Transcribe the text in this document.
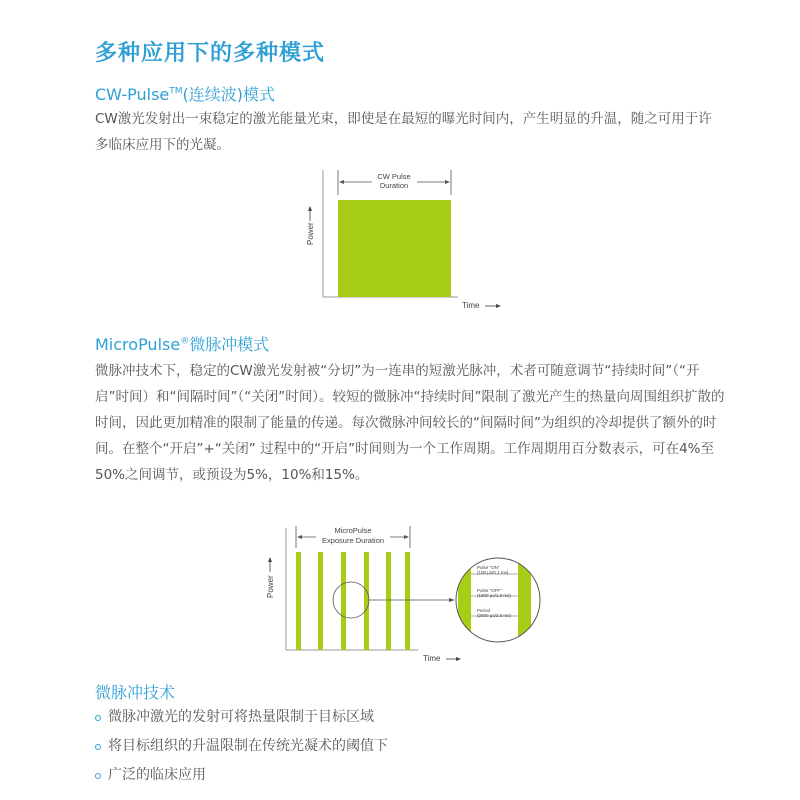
多种应用下的多种模式
CW-Pulse™(连续波)模式

CW激光发射出一束稳定的激光能量光束，即使是在最短的曝光时间内，产生明显的升温，随之可用于许多临床应用下的光凝。

CW Pulse
Duration
Power
Time
MicroPulse®微脉冲模式

微脉冲技术下，稳定的CW激光发射被“分切”为一连串的短激光脉冲，术者可随意调节“持续时间”（“开启”时间）和“间隔时间”（“关闭”时间）。较短的微脉冲“持续时间”限制了激光产生的热量向周围组织扩散的时间，因此更加精准的限制了能量的传递。每次微脉冲间较长的“间隔时间”为组织的冷却提供了额外的时间。在整个“开启”+“关闭” 过程中的“开启”时间则为一个工作周期。工作周期用百分数表示，可在4%至50%之间调节，或预设为5%，10%和15%。

MicroPulse
Exposure Duration
Power
Time
Pulse "ON"
(100 μs/0.1 ms)
Pulse "OFF"
(1900 μs/1.9 ms)
Period
(2000 μs/2.0 ms)
微脉冲技术
微脉冲激光的发射可将热量限制于目标区域
将目标组织的升温限制在传统光凝术的阈值下
广泛的临床应用
